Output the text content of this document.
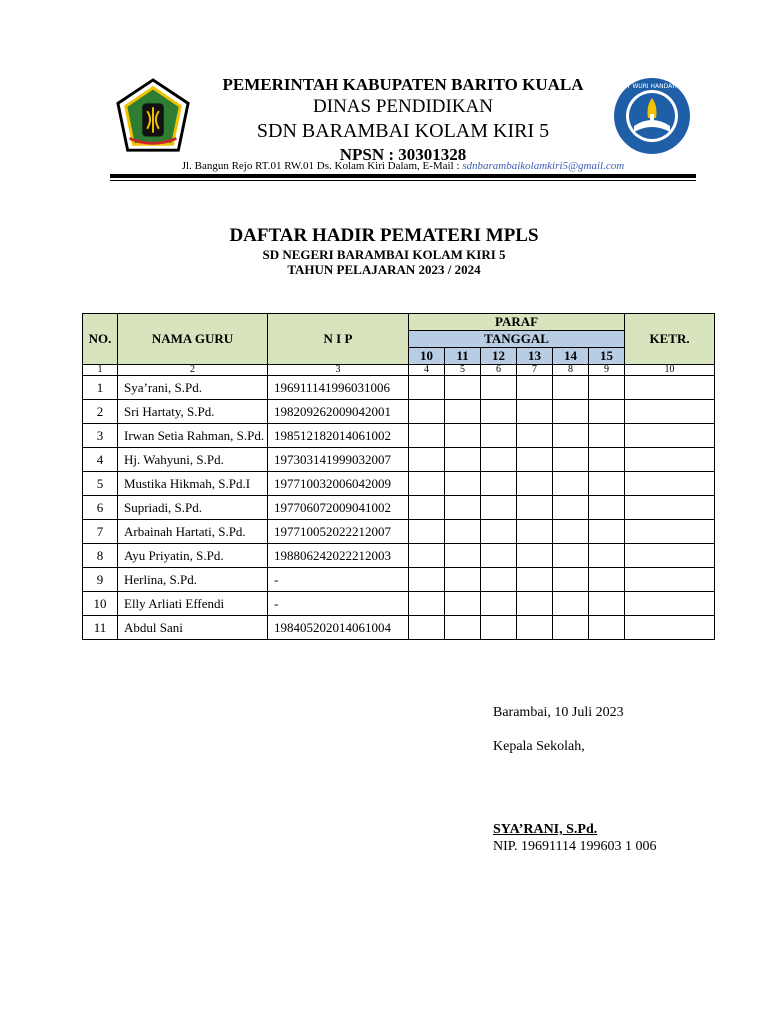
PEMERINTAH KABUPATEN BARITO KUALA
DINAS PENDIDIKAN
SDN BARAMBAI KOLAM KIRI 5
NPSN : 30301328
TUT WURI HANDAYANI
Jl. Bangun Rejo RT.01 RW.01 Ds. Kolam Kiri Dalam, E-Mail : sdnbarambaikolamkiri5@gmail.com
DAFTAR HADIR PEMATERI MPLS
SD NEGERI BARAMBAI KOLAM KIRI 5
TAHUN PELAJARAN 2023 / 2024
NO.	NAMA GURU	N I P	PARAF						KETR.
			TANGGAL						
			10	11	12	13	14	15	
1	2	3	4	5	6	7	8	9	10
1	Sya’rani, S.Pd.	196911141996031006							
2	Sri Hartaty, S.Pd.	198209262009042001							
3	Irwan Setia Rahman, S.Pd.	198512182014061002							
4	Hj. Wahyuni, S.Pd.	197303141999032007							
5	Mustika Hikmah, S.Pd.I	197710032006042009							
6	Supriadi, S.Pd.	197706072009041002							
7	Arbainah Hartati, S.Pd.	197710052022212007							
8	Ayu Priyatin, S.Pd.	198806242022212003							
9	Herlina, S.Pd.	-							
10	Elly Arliati Effendi	-							
11	Abdul Sani	198405202014061004							
Barambai, 10 Juli 2023
Kepala Sekolah,
SYA’RANI, S.Pd.
NIP. 19691114 199603 1 006
